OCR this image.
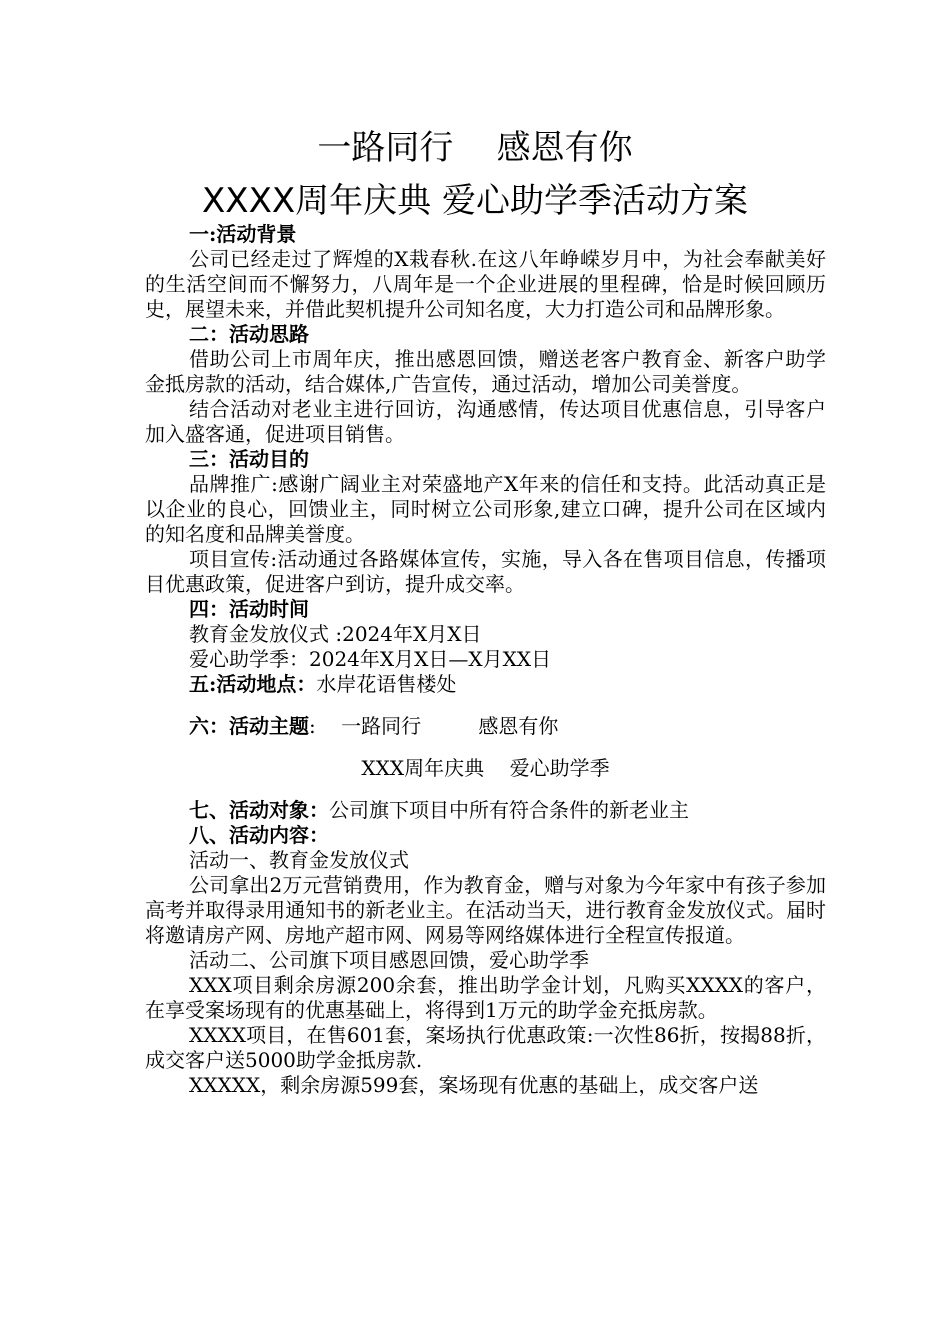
一路同行    感恩有你
XXXX周年庆典 爱心助学季活动方案

一:活动背景

公司已经走过了辉煌的X栽春秋.在这八年峥嵘岁月中，为社会奉献美好的生活空间而不懈努力，八周年是一个企业进展的里程碑，恰是时候回顾历史，展望未来，并借此契机提升公司知名度，大力打造公司和品牌形象。

二：活动思路

借助公司上市周年庆，推出感恩回馈，赠送老客户教育金、新客户助学金抵房款的活动，结合媒体,广告宣传，通过活动，增加公司美誉度。

结合活动对老业主进行回访，沟通感情，传达项目优惠信息，引导客户加入盛客通，促进项目销售。

三：活动目的

品牌推广:感谢广阔业主对荣盛地产X年来的信任和支持。此活动真正是以企业的良心，回馈业主，同时树立公司形象,建立口碑，提升公司在区域内的知名度和品牌美誉度。

项目宣传:活动通过各路媒体宣传，实施，导入各在售项目信息，传播项目优惠政策，促进客户到访，提升成交率。

四：活动时间

教育金发放仪式 :2024年X月X日

爱心助学季：2024年X月X日—X月XX日

五:活动地点：水岸花语售楼处

六：活动主题:    一路同行         感恩有你

XXX周年庆典    爱心助学季

七、活动对象：公司旗下项目中所有符合条件的新老业主

八、活动内容：

活动一、教育金发放仪式

公司拿出2万元营销费用，作为教育金，赠与对象为今年家中有孩子参加高考并取得录用通知书的新老业主。在活动当天，进行教育金发放仪式。届时将邀请房产网、房地产超市网、网易等网络媒体进行全程宣传报道。

活动二、公司旗下项目感恩回馈，爱心助学季

XXX项目剩余房源200余套，推出助学金计划，凡购买XXXX的客户，在享受案场现有的优惠基础上，将得到1万元的助学金充抵房款。

XXXX项目，在售601套，案场执行优惠政策:一次性86折，按揭88折，成交客户送5000助学金抵房款.

XXXXX，剩余房源599套，案场现有优惠的基础上，成交客户送
